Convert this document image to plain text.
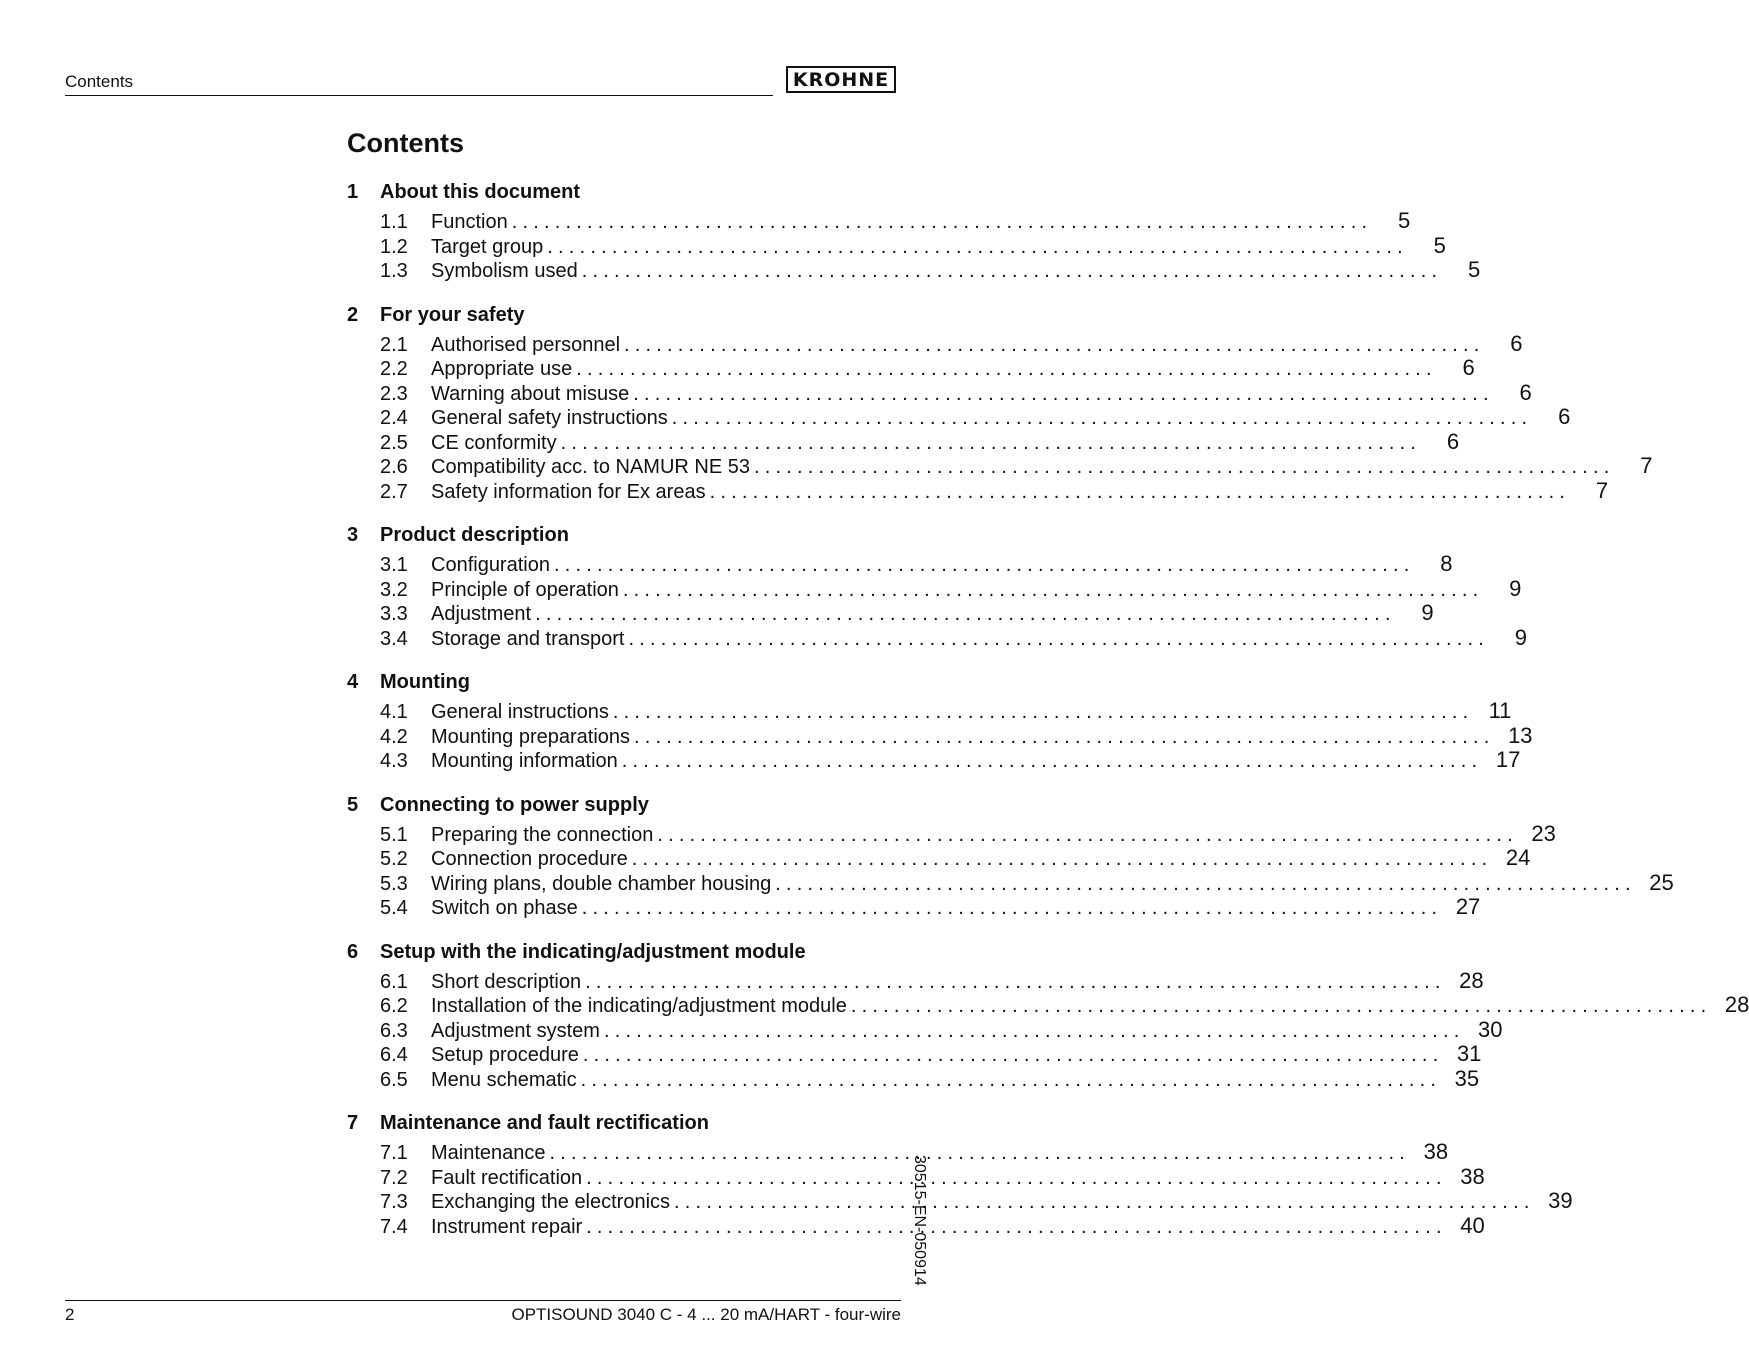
Contents	KROHNE
Contents
1	About this document
1.1	Function ................................................................................	5
1.2	Target group ................................................................................	5
1.3	Symbolism used ................................................................................	5
2	For your safety
2.1	Authorised personnel ................................................................................	6
2.2	Appropriate use ................................................................................	6
2.3	Warning about misuse ................................................................................	6
2.4	General safety instructions ................................................................................	6
2.5	CE conformity ................................................................................	6
2.6	Compatibility acc. to NAMUR NE 53 ................................................................................	7
2.7	Safety information for Ex areas ................................................................................	7
3	Product description
3.1	Configuration ................................................................................	8
3.2	Principle of operation ................................................................................	9
3.3	Adjustment ................................................................................	9
3.4	Storage and transport ................................................................................	9
4	Mounting
4.1	General instructions ................................................................................ 11
4.2	Mounting preparations ................................................................................ 13
4.3	Mounting information ................................................................................ 17
5	Connecting to power supply
5.1	Preparing the connection ................................................................................ 23
5.2	Connection procedure ................................................................................ 24
5.3	Wiring plans, double chamber housing ................................................................................ 25
5.4	Switch on phase ................................................................................ 27
6	Setup with the indicating/adjustment module
6.1	Short description ................................................................................ 28
6.2	Installation of the indicating/adjustment module ................................................................................ 28
6.3	Adjustment system ................................................................................ 30
6.4	Setup procedure ................................................................................ 31
6.5	Menu schematic ................................................................................ 35
7	Maintenance and fault rectification
7.1	Maintenance ................................................................................ 38
7.2	Fault rectification ................................................................................ 38
7.3	Exchanging the electronics ................................................................................ 39
7.4	Instrument repair ................................................................................ 40
30515-EN-050914
2	OPTISOUND 3040 C - 4 ... 20 mA/HART - four-wire
